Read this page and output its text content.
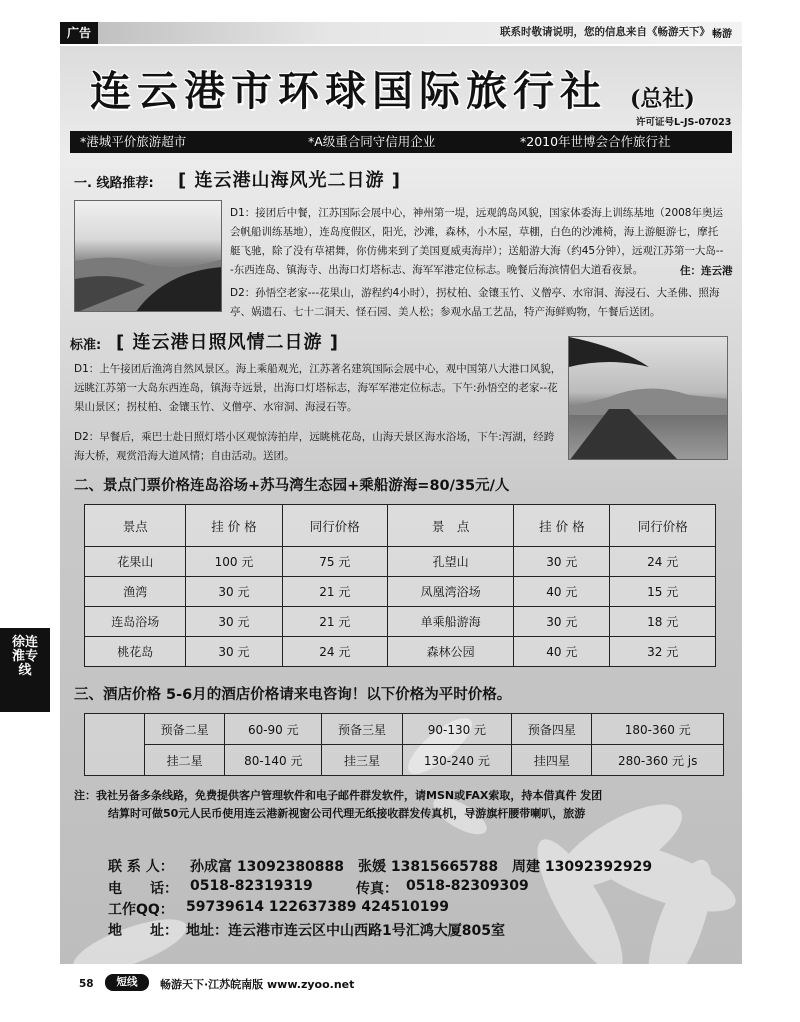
广告	联系时敬请说明，您的信息来自《畅游天下》 畅游
连云港市环球国际旅行社 (总社)
许可证号L-JS-07023
*港城平价旅游超市	*A级重合同守信用企业	*2010年世博会合作旅行社
一. 线路推荐: [ 连云港山海风光二日游 ]
D1：接团后中餐，江苏国际会展中心，神州第一堤，远观鸽岛风貌，国家体委海上训练基地（2008年奥运会帆船训练基地），连岛度假区，阳光，沙滩，森林，小木屋，草棚，白色的沙滩椅，海上游艇游七，摩托艇飞驰，除了没有草裙舞，你仿佛来到了美国夏威夷海岸）；送船游大海（约45分钟），远观江苏第一大岛---东西连岛、镇海寺、出海口灯塔标志、海军军港定位标志。晚餐后海滨情侣大道看夜景。	住：连云港
D2：孙悟空老家---花果山，游程约4小时），拐杖柏、金镶玉竹、义僧亭、水帘洞、海浸石、大圣佛、照海亭、娲遗石、七十二洞天、怪石园、美人松；参观水晶工艺品，特产海鲜购物，午餐后送团。
标准: [ 连云港日照风情二日游 ]
D1：上午接团后渔湾自然风景区。海上乘船观光，江苏著名建筑国际会展中心，观中国第八大港口风貌，远眺江苏第一大岛东西连岛，镇海寺远景，出海口灯塔标志，海军军港定位标志。下午:孙悟空的老家--花果山景区；拐杖柏、金镶玉竹、义僧亭、水帘洞、海浸石等。
D2：早餐后，乘巴士赴日照灯塔小区观惊涛拍岸，远眺桃花岛，山海天景区海水浴场，下午:泻湖，经跨海大桥，观赏沿海大道风情；自由活动。送团。
二、景点门票价格连岛浴场+苏马湾生态园+乘船游海=80/35元/人
景点	挂 价 格	同行价格	景　点	挂 价 格	同行价格
花果山	100 元	75 元	孔望山	30 元	24 元
渔湾	30 元	21 元	凤凰湾浴场	40 元	15 元
连岛浴场	30 元	21 元	单乘船游海	30 元	18 元
桃花岛	30 元	24 元	森林公园	40 元	32 元
徐连淮专线
三、酒店价格 5-6月的酒店价格请来电咨询！以下价格为平时价格。
	预备二星	60-90 元	预备三星	90-130 元	预备四星	180-360 元
	挂二星	80-140 元	挂三星	130-240 元	挂四星	280-360 元 js
注：我社另备多条线路，免费提供客户管理软件和电子邮件群发软件，请MSN或FAX索取，持本借真件 发团
结算时可做50元人民币使用连云港新视窗公司代理无纸接收群发传真机，导游旗杆腰带喇叭，旅游
联 系 人： 孙成富 13092380888　张媛 13815665788　周建 13092392929
电　　话： 0518-82319319	传真： 0518-82309309
工作QQ： 59739614 122637389 424510199
地　　址： 地址：连云港市连云区中山西路1号汇鸿大厦805室
58	短线	畅游天下·江苏皖南版 www.zyoo.net
